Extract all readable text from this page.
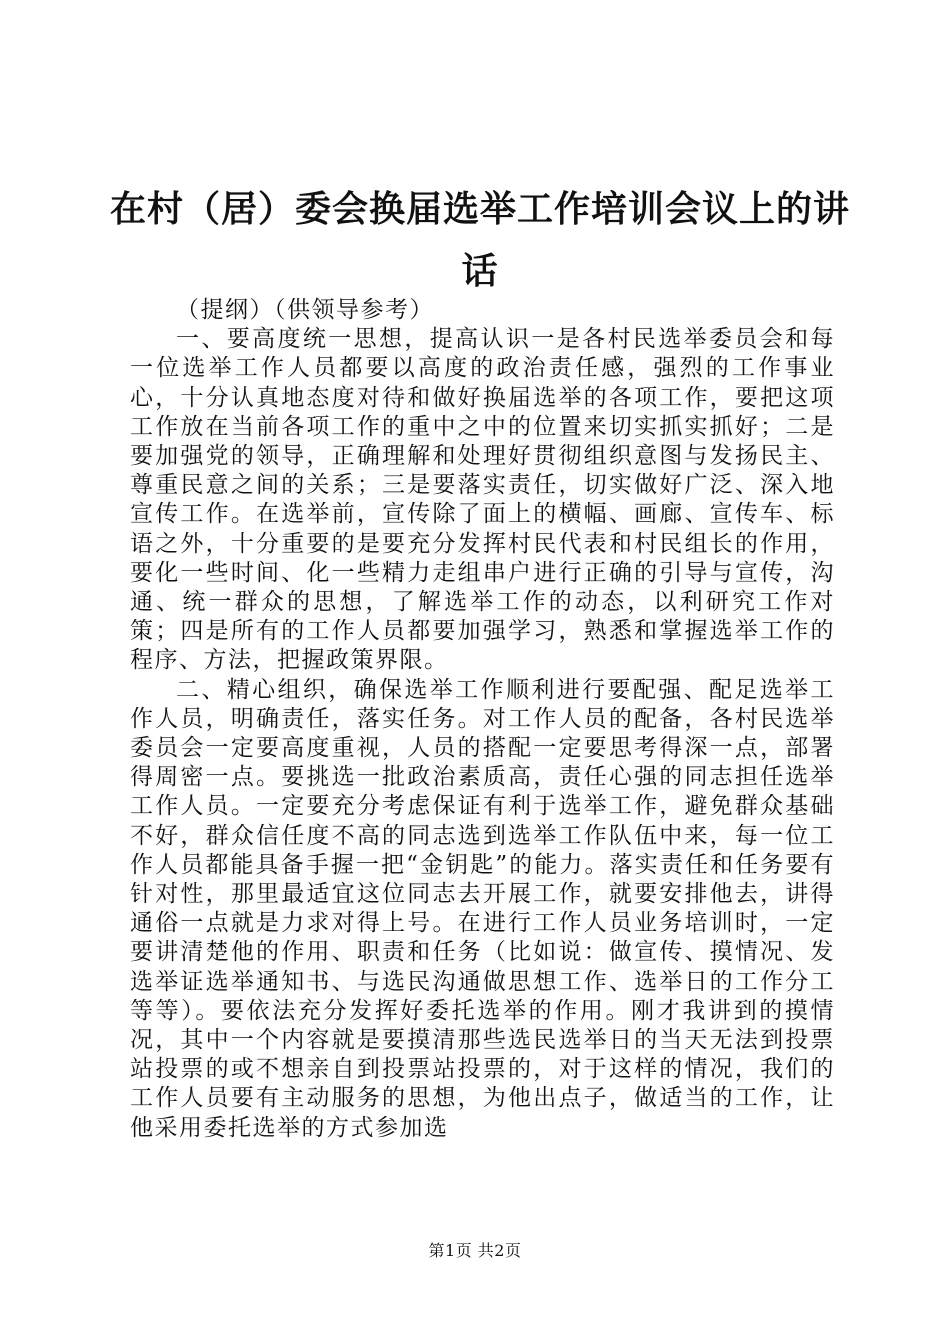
在村（居）委会换届选举工作培训会议上的讲话

（提纲）（供领导参考）

一、要高度统一思想，提高认识一是各村民选举委员会和每一位选举工作人员都要以高度的政治责任感，强烈的工作事业心，十分认真地态度对待和做好换届选举的各项工作，要把这项工作放在当前各项工作的重中之中的位置来切实抓实抓好；二是要加强党的领导，正确理解和处理好贯彻组织意图与发扬民主、尊重民意之间的关系；三是要落实责任，切实做好广泛、深入地宣传工作。在选举前，宣传除了面上的横幅、画廊、宣传车、标语之外，十分重要的是要充分发挥村民代表和村民组长的作用，要化一些时间、化一些精力走组串户进行正确的引导与宣传，沟通、统一群众的思想，了解选举工作的动态，以利研究工作对策；四是所有的工作人员都要加强学习，熟悉和掌握选举工作的程序、方法，把握政策界限。

二、精心组织，确保选举工作顺利进行要配强、配足选举工作人员，明确责任，落实任务。对工作人员的配备，各村民选举委员会一定要高度重视，人员的搭配一定要思考得深一点，部署得周密一点。要挑选一批政治素质高，责任心强的同志担任选举工作人员。一定要充分考虑保证有利于选举工作，避免群众基础不好，群众信任度不高的同志选到选举工作队伍中来，每一位工作人员都能具备手握一把“金钥匙”的能力。落实责任和任务要有针对性，那里最适宜这位同志去开展工作，就要安排他去，讲得通俗一点就是力求对得上号。在进行工作人员业务培训时，一定要讲清楚他的作用、职责和任务（比如说：做宣传、摸情况、发选举证选举通知书、与选民沟通做思想工作、选举日的工作分工等等）。要依法充分发挥好委托选举的作用。刚才我讲到的摸情况，其中一个内容就是要摸清那些选民选举日的当天无法到投票站投票的或不想亲自到投票站投票的，对于这样的情况，我们的工作人员要有主动服务的思想，为他出点子，做适当的工作，让他采用委托选举的方式参加选

第1页 共2页
